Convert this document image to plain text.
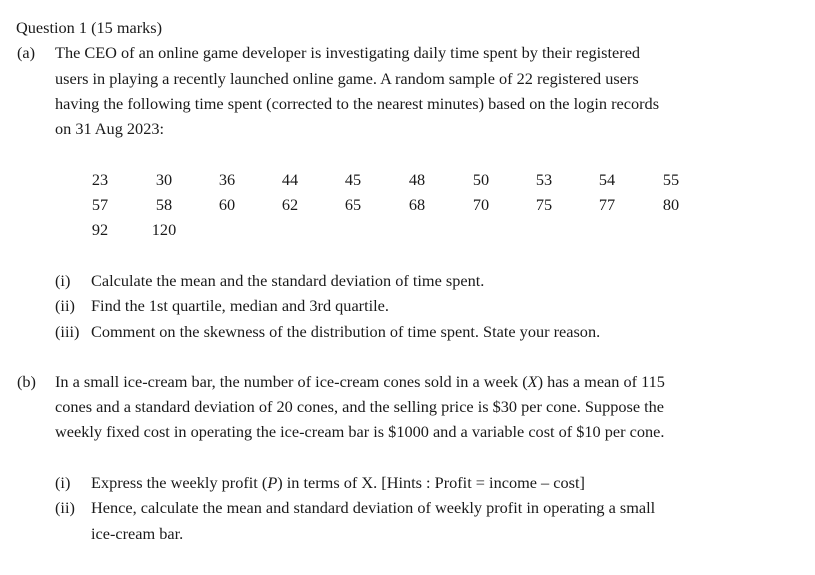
Question 1 (15 marks)
(a) The CEO of an online game developer is investigating daily time spent by their registered
users in playing a recently launched online game. A random sample of 22 registered users
having the following time spent (corrected to the nearest minutes) based on the login records
on 31 Aug 2023:
23	30	36	44	45	48	50	53	54	55
57	58	60	62	65	68	70	75	77	80
92	120
(i) Calculate the mean and the standard deviation of time spent.
(ii) Find the 1st quartile, median and 3rd quartile.
(iii) Comment on the skewness of the distribution of time spent. State your reason.
(b) In a small ice-cream bar, the number of ice-cream cones sold in a week (X) has a mean of 115
cones and a standard deviation of 20 cones, and the selling price is $30 per cone. Suppose the
weekly fixed cost in operating the ice-cream bar is $1000 and a variable cost of $10 per cone.
(i) Express the weekly profit (P) in terms of X. [Hints : Profit = income – cost]
(ii) Hence, calculate the mean and standard deviation of weekly profit in operating a small
ice-cream bar.
